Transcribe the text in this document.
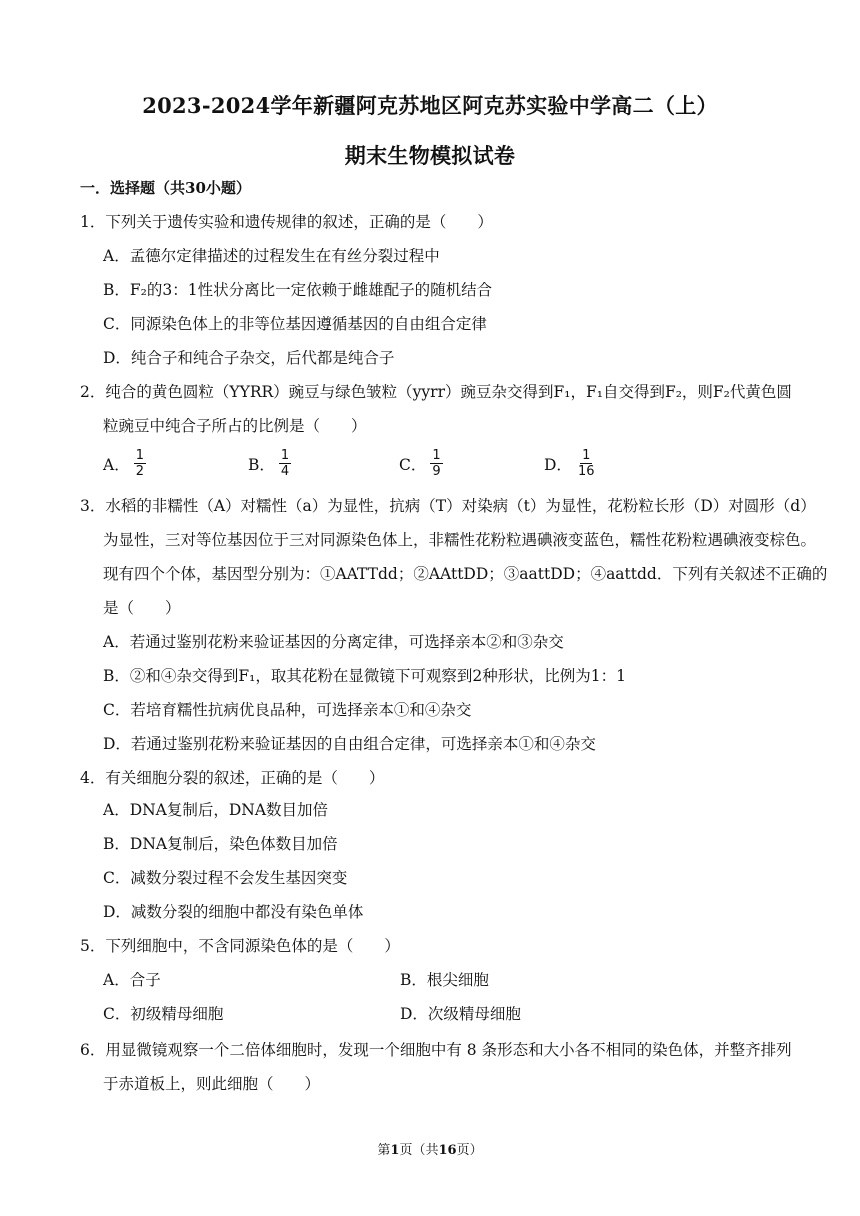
2023-2024学年新疆阿克苏地区阿克苏实验中学高二（上）
期末生物模拟试卷
一．选择题（共30小题）
1．下列关于遗传实验和遗传规律的叙述，正确的是（　　）
A．孟德尔定律描述的过程发生在有丝分裂过程中
B．F₂的3：1性状分离比一定依赖于雌雄配子的随机结合
C．同源染色体上的非等位基因遵循基因的自由组合定律
D．纯合子和纯合子杂交，后代都是纯合子
2．纯合的黄色圆粒（YYRR）豌豆与绿色皱粒（yyrr）豌豆杂交得到F₁，F₁自交得到F₂，则F₂代黄色圆
粒豌豆中纯合子所占的比例是（　　）
A． $\frac{1}{2}$	B． $\frac{1}{4}$	C． $\frac{1}{9}$	D． $\frac{1}{16}$
3．水稻的非糯性（A）对糯性（a）为显性，抗病（T）对染病（t）为显性，花粉粒长形（D）对圆形（d）
为显性，三对等位基因位于三对同源染色体上，非糯性花粉粒遇碘液变蓝色，糯性花粉粒遇碘液变棕色。
现有四个个体，基因型分别为：①AATTdd；②AAttDD；③aattDD；④aattdd．下列有关叙述不正确的
是（　　）
A．若通过鉴别花粉来验证基因的分离定律，可选择亲本②和③杂交
B．②和④杂交得到F₁，取其花粉在显微镜下可观察到2种形状，比例为1：1
C．若培育糯性抗病优良品种，可选择亲本①和④杂交
D．若通过鉴别花粉来验证基因的自由组合定律，可选择亲本①和④杂交
4．有关细胞分裂的叙述，正确的是（　　）
A．DNA复制后，DNA数目加倍
B．DNA复制后，染色体数目加倍
C．减数分裂过程不会发生基因突变
D．减数分裂的细胞中都没有染色单体
5．下列细胞中，不含同源染色体的是（　　）
A．合子	B．根尖细胞
C．初级精母细胞	D．次级精母细胞
6．用显微镜观察一个二倍体细胞时，发现一个细胞中有 8 条形态和大小各不相同的染色体，并整齐排列
于赤道板上，则此细胞（　　）
第1页（共16页）
